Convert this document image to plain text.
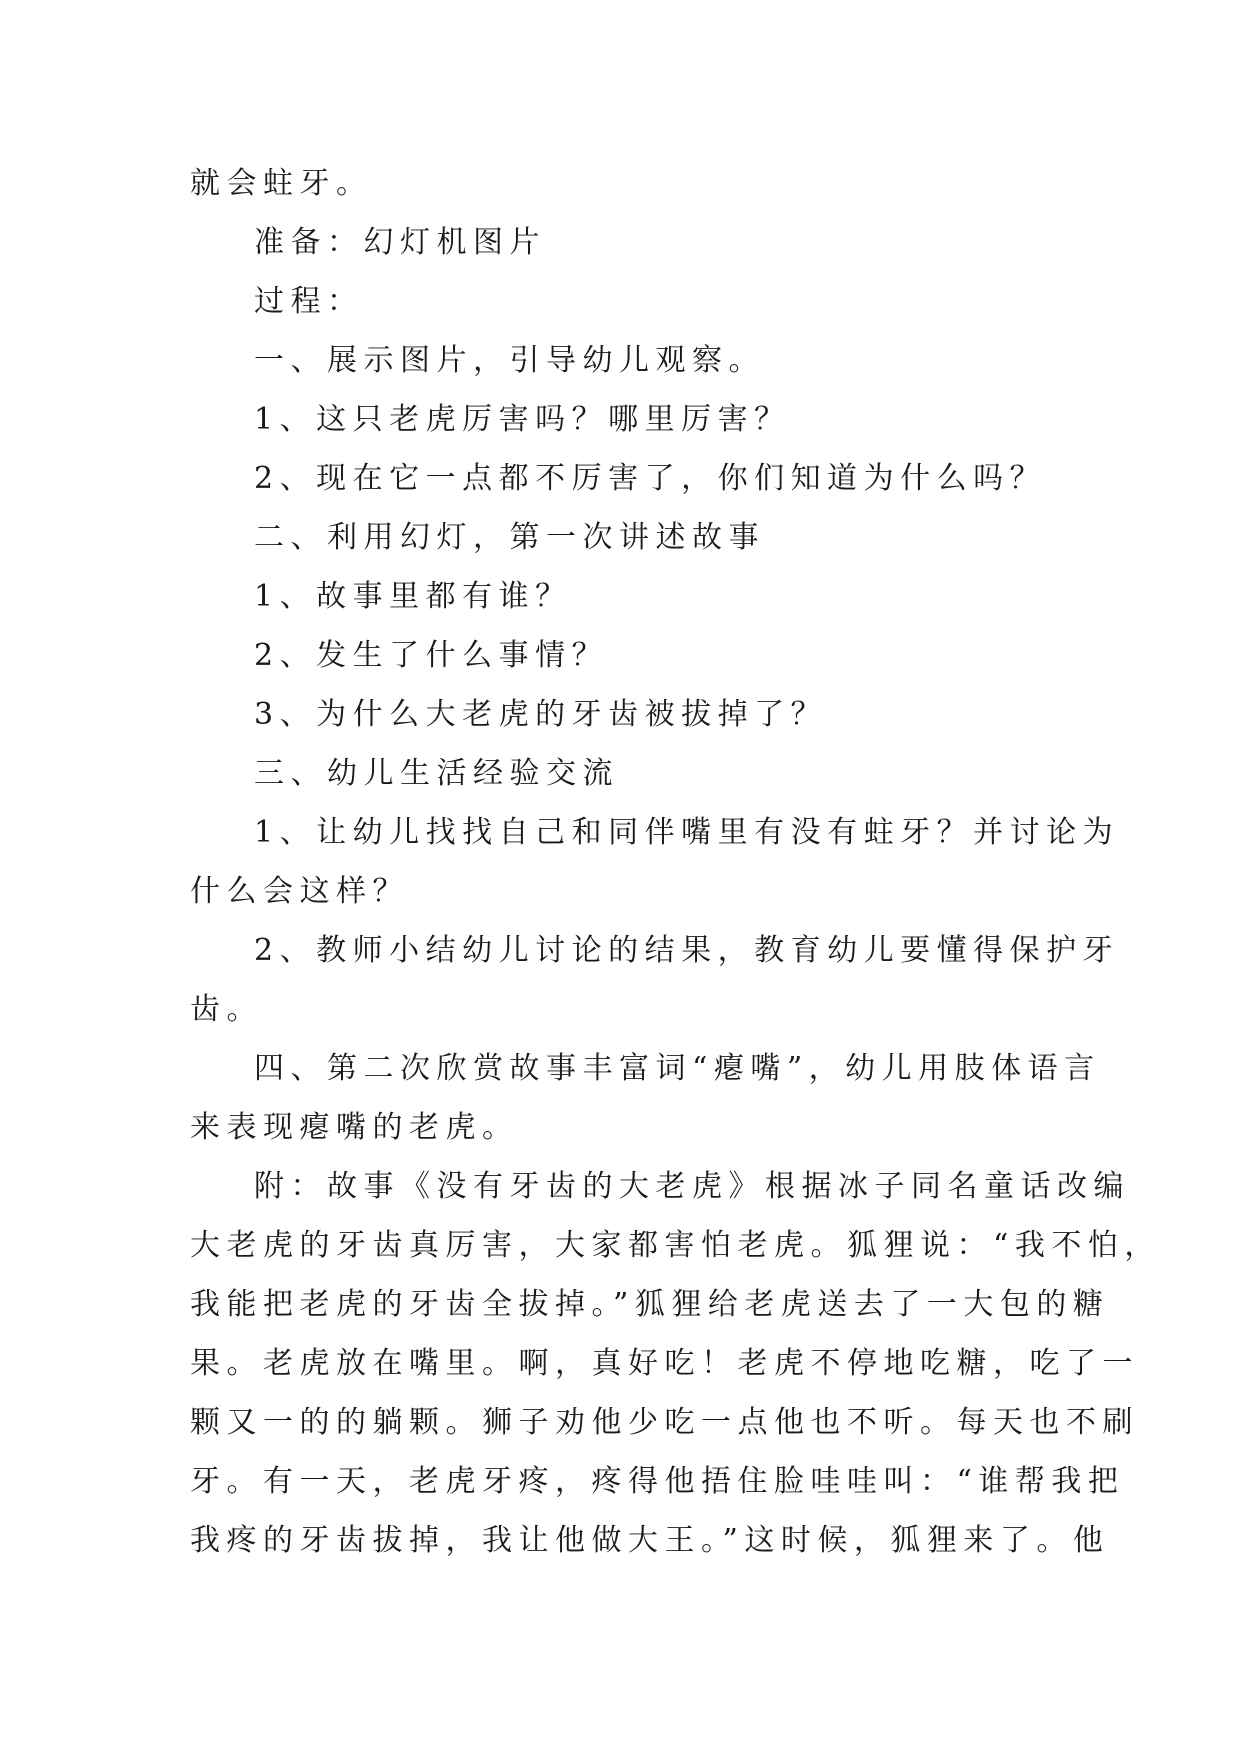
就会蛀牙。

准备：幻灯机图片

过程：

一、展示图片，引导幼儿观察。

1、这只老虎厉害吗？哪里厉害？

2、现在它一点都不厉害了，你们知道为什么吗？

二、利用幻灯，第一次讲述故事

1、故事里都有谁？

2、发生了什么事情？

3、为什么大老虎的牙齿被拔掉了？

三、幼儿生活经验交流

1、让幼儿找找自己和同伴嘴里有没有蛀牙？并讨论为

什么会这样？

2、教师小结幼儿讨论的结果，教育幼儿要懂得保护牙

齿。

四、第二次欣赏故事丰富词“瘪嘴”，幼儿用肢体语言

来表现瘪嘴的老虎。

附：故事《没有牙齿的大老虎》根据冰子同名童话改编

大老虎的牙齿真厉害，大家都害怕老虎。狐狸说：“我不怕，

我能把老虎的牙齿全拔掉。”狐狸给老虎送去了一大包的糖

果。老虎放在嘴里。啊，真好吃！老虎不停地吃糖，吃了一

颗又一的的躺颗。狮子劝他少吃一点他也不听。每天也不刷

牙。有一天，老虎牙疼，疼得他捂住脸哇哇叫：“谁帮我把

我疼的牙齿拔掉，我让他做大王。”这时候，狐狸来了。他
